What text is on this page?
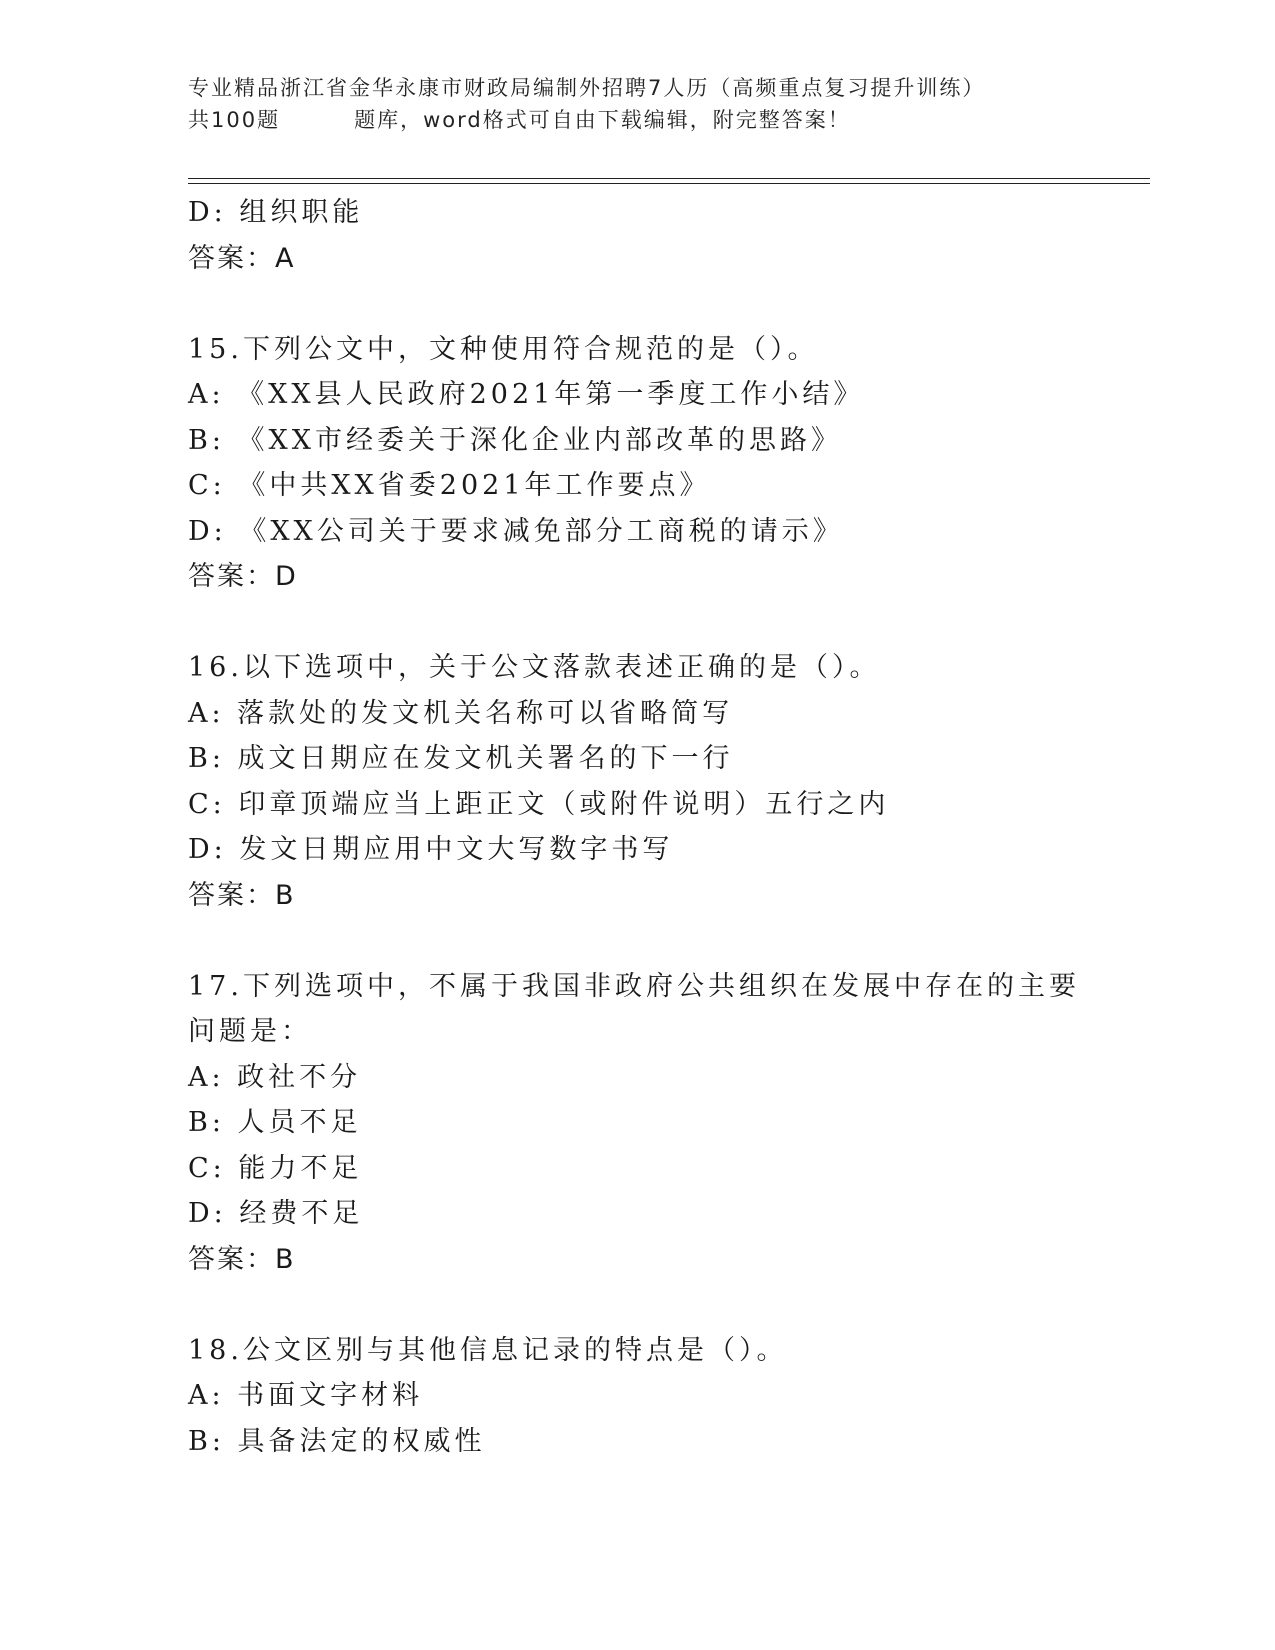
专业精品浙江省金华永康市财政局编制外招聘7人历（高频重点复习提升训练）
共100题	题库，word格式可自由下载编辑，附完整答案！
D: 组织职能
答案：A
15.下列公文中，文种使用符合规范的是（）。
A: 《XX县人民政府2021年第一季度工作小结》
B: 《XX市经委关于深化企业内部改革的思路》
C: 《中共XX省委2021年工作要点》
D: 《XX公司关于要求减免部分工商税的请示》
答案：D
16.以下选项中，关于公文落款表述正确的是（）。
A: 落款处的发文机关名称可以省略简写
B: 成文日期应在发文机关署名的下一行
C: 印章顶端应当上距正文（或附件说明）五行之内
D: 发文日期应用中文大写数字书写
答案：B
17.下列选项中，不属于我国非政府公共组织在发展中存在的主要问题是：
A: 政社不分
B: 人员不足
C: 能力不足
D: 经费不足
答案：B
18.公文区别与其他信息记录的特点是（）。
A: 书面文字材料
B: 具备法定的权威性
